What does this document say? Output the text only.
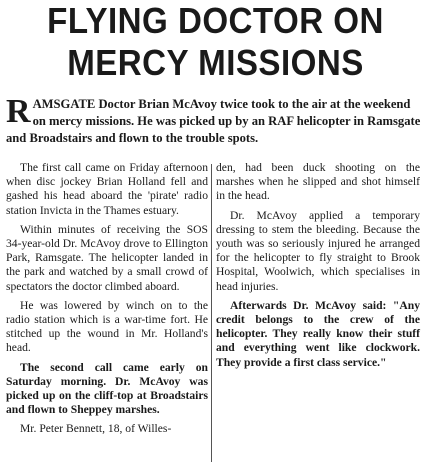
FLYING DOCTOR ON
MERCY MISSIONS

RAMSGATE Doctor Brian McAvoy twice took to the air at the weekend on mercy missions. He was picked up by an RAF helicopter in Ramsgate and Broadstairs and flown to the trouble spots.

The first call came on Friday afternoon when disc jockey Brian Holland fell and gashed his head aboard the 'pirate' radio station Invicta in the Thames estuary.

Within minutes of receiving the SOS 34-year-old Dr. McAvoy drove to Ellington Park, Ramsgate. The helicopter landed in the park and watched by a small crowd of spectators the doctor climbed aboard.

He was lowered by winch on to the radio station which is a war-time fort. He stitched up the wound in Mr. Holland's head.

The second call came early on Saturday morning. Dr. McAvoy was picked up on the cliff-top at Broadstairs and flown to Sheppey marshes.

Mr. Peter Bennett, 18, of Willes-

den, had been duck shooting on the marshes when he slipped and shot himself in the head.

Dr. McAvoy applied a temporary dressing to stem the bleeding. Because the youth was so seriously injured he arranged for the helicopter to fly straight to Brook Hospital, Woolwich, which specialises in head injuries.

Afterwards Dr. McAvoy said: "Any credit belongs to the crew of the helicopter. They really know their stuff and everything went like clockwork. They provide a first class service."
